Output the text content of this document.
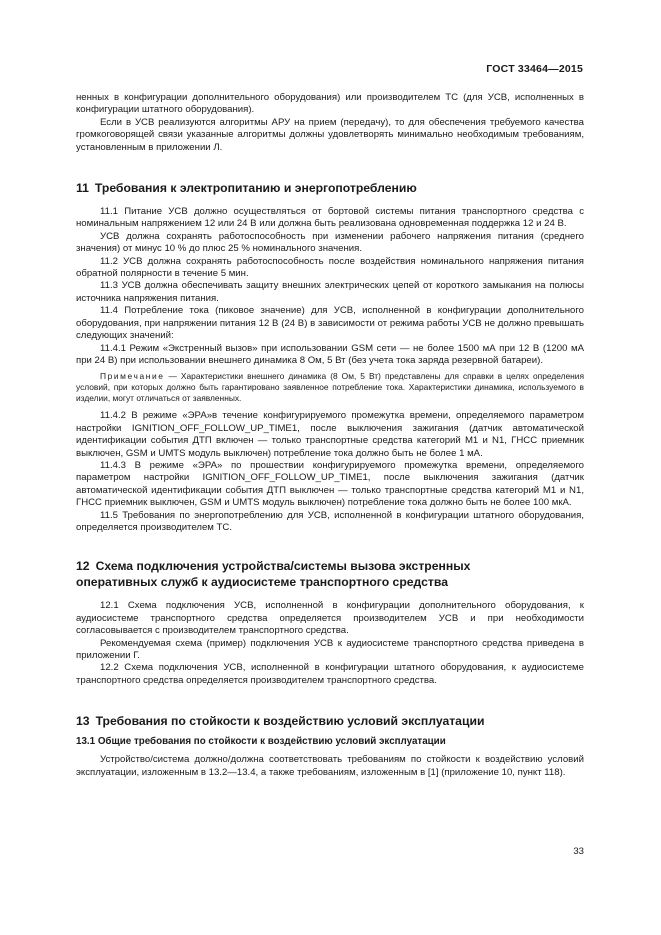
ГОСТ 33464—2015

ненных в конфигурации дополнительного оборудования) или производителем ТС (для УСВ, исполненных в конфигурации штатного оборудования).

Если в УСВ реализуются алгоритмы АРУ на прием (передачу), то для обеспечения требуемого качества громкоговорящей связи указанные алгоритмы должны удовлетворять минимально необходимым требованиям, установленным в приложении Л.

11 Требования к электропитанию и энергопотреблению

11.1 Питание УСВ должно осуществляться от бортовой системы питания транспортного средства с номинальным напряжением 12 или 24 В или должна быть реализована одновременная поддержка 12 и 24 В.

УСВ должна сохранять работоспособность при изменении рабочего напряжения питания (среднего значения) от минус 10 % до плюс 25 % номинального значения.

11.2 УСВ должна сохранять работоспособность после воздействия номинального напряжения питания обратной полярности в течение 5 мин.

11.3 УСВ должна обеспечивать защиту внешних электрических цепей от короткого замыкания на полюсы источника напряжения питания.

11.4 Потребление тока (пиковое значение) для УСВ, исполненной в конфигурации дополнительного оборудования, при напряжении питания 12 В (24 В) в зависимости от режима работы УСВ не должно превышать следующих значений:

11.4.1 Режим «Экстренный вызов» при использовании GSM сети — не более 1500 мА при 12 В (1200 мА при 24 В) при использовании внешнего динамика 8 Ом, 5 Вт (без учета тока заряда резервной батареи).

Примечание — Характеристики внешнего динамика (8 Ом, 5 Вт) представлены для справки в целях определения условий, при которых должно быть гарантировано заявленное потребление тока. Характеристики динамика, используемого в изделии, могут отличаться от заявленных.

11.4.2 В режиме «ЭРА»в течение конфигурируемого промежутка времени, определяемого параметром настройки IGNITION_OFF_FOLLOW_UP_TIME1, после выключения зажигания (датчик автоматической идентификации события ДТП включен — только транспортные средства категорий М1 и N1, ГНСС приемник выключен, GSM и UMTS модуль выключен) потребление тока должно быть не более 1 мА.

11.4.3 В режиме «ЭРА» по прошествии конфигурируемого промежутка времени, определяемого параметром настройки IGNITION_OFF_FOLLOW_UP_TIME1, после выключения зажигания (датчик автоматической идентификации события ДТП выключен — только транспортные средства категорий М1 и N1, ГНСС приемник выключен, GSM и UMTS модуль выключен) потребление тока должно быть не более 100 мкА.

11.5 Требования по энергопотреблению для УСВ, исполненной в конфигурации штатного оборудования, определяется производителем ТС.

12 Схема подключения устройства/системы вызова экстренных
оперативных служб к аудиосистеме транспортного средства

12.1 Схема подключения УСВ, исполненной в конфигурации дополнительного оборудования, к аудиосистеме транспортного средства определяется производителем УСВ и при необходимости согласовывается с производителем транспортного средства.

Рекомендуемая схема (пример) подключения УСВ к аудиосистеме транспортного средства приведена в приложении Г.

12.2 Схема подключения УСВ, исполненной в конфигурации штатного оборудования, к аудиосистеме транспортного средства определяется производителем транспортного средства.

13 Требования по стойкости к воздействию условий эксплуатации
13.1 Общие требования по стойкости к воздействию условий эксплуатации

Устройство/система должно/должна соответствовать требованиям по стойкости к воздействию условий эксплуатации, изложенным в 13.2—13.4, а также требованиям, изложенным в [1] (приложение 10, пункт 118).

33
